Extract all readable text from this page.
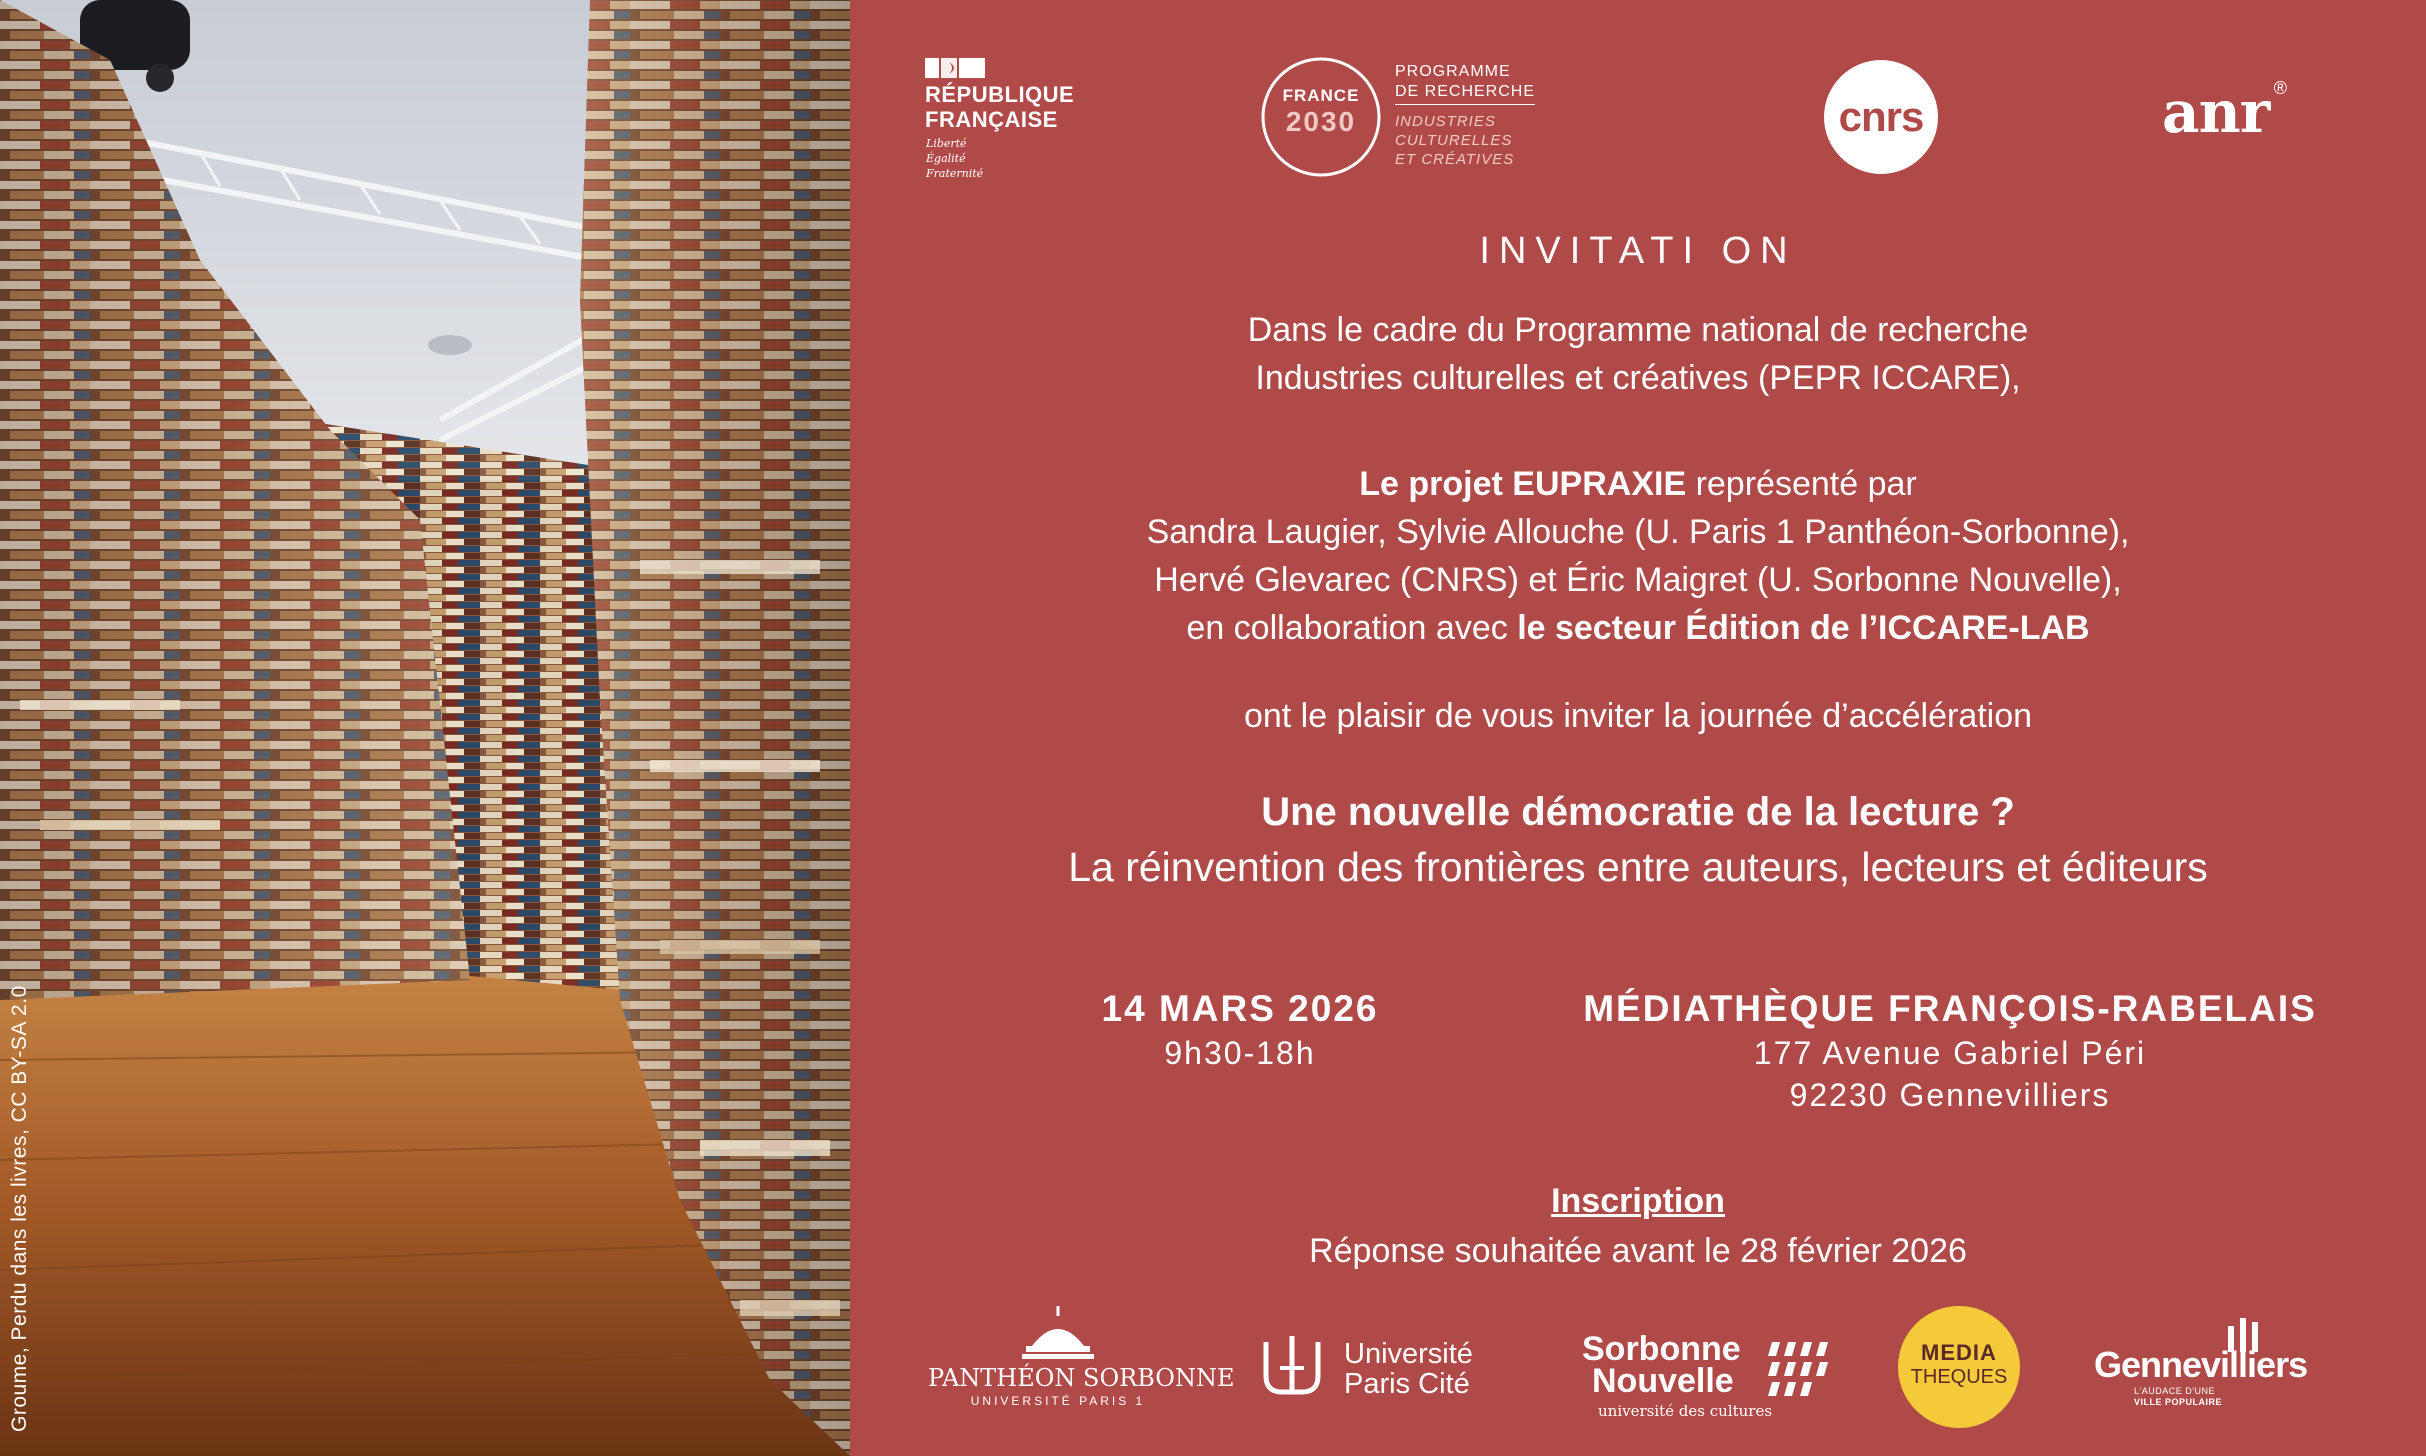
Groume, Perdu dans les livres, CC BY-SA 2.0
RÉPUBLIQUE
FRANÇAISE
Liberté
Égalité
Fraternité
FRANCE
2030
PROGRAMME
DE RECHERCHE
INDUSTRIES
CULTURELLES
ET CRÉATIVES
cnrs	anr ®
INVITATI ON
Dans le cadre du Programme national de recherche
Industries culturelles et créatives (PEPR ICCARE),
Le projet EUPRAXIE représenté par
Sandra Laugier, Sylvie Allouche (U. Paris 1 Panthéon-Sorbonne),
Hervé Glevarec (CNRS) et Éric Maigret (U. Sorbonne Nouvelle),
en collaboration avec le secteur Édition de l’ICCARE-LAB
ont le plaisir de vous inviter la journée d’accélération
Une nouvelle démocratie de la lecture ?
La réinvention des frontières entre auteurs, lecteurs et éditeurs
14 MARS 2026
9h30-18h
MÉDIATHÈQUE FRANÇOIS-RABELAIS
177 Avenue Gabriel Péri
92230 Gennevilliers
Inscription
Réponse souhaitée avant le 28 février 2026
PANTHÉON SORBONNE
UNIVERSITÉ PARIS 1
Université
Paris Cité
Sorbonne
Nouvelle
université des cultures
MEDIA
THEQUES	Gennevilliers
L'AUDACE D'UNE
VILLE POPULAIRE
